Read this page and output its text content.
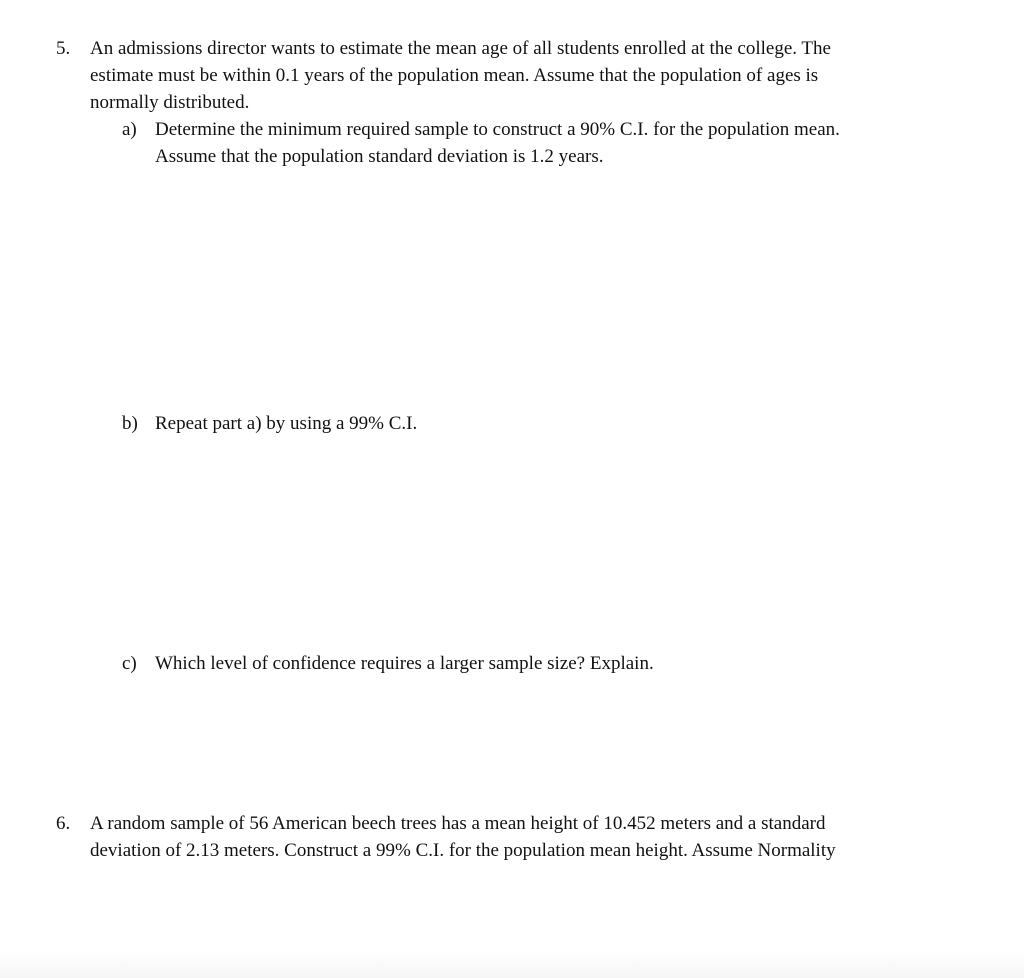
5.	An admissions director wants to estimate the mean age of all students enrolled at the college. The
estimate must be within 0.1 years of the population mean. Assume that the population of ages is
normally distributed.
a) Determine the minimum required sample to construct a 90% C.I. for the population mean.
Assume that the population standard deviation is 1.2 years.
b) Repeat part a) by using a 99% C.I.
c) Which level of confidence requires a larger sample size? Explain.
6.	A random sample of 56 American beech trees has a mean height of 10.452 meters and a standard
deviation of 2.13 meters. Construct a 99% C.I. for the population mean height. Assume Normality
